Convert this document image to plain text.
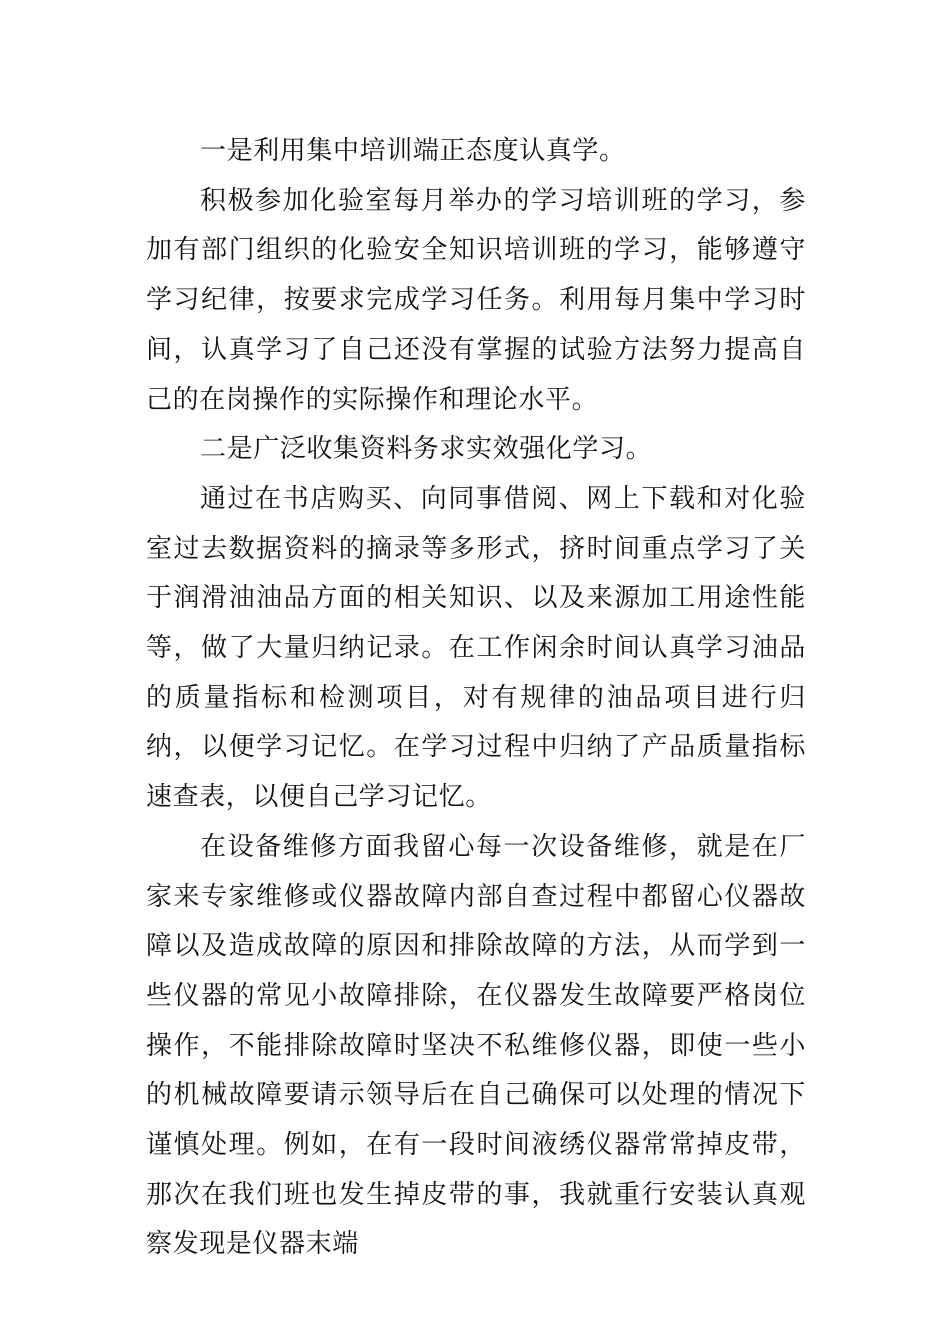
一是利用集中培训端正态度认真学。

积极参加化验室每月举办的学习培训班的学习，参加有部门组织的化验安全知识培训班的学习，能够遵守学习纪律，按要求完成学习任务。利用每月集中学习时间，认真学习了自己还没有掌握的试验方法努力提高自己的在岗操作的实际操作和理论水平。

二是广泛收集资料务求实效强化学习。

通过在书店购买、向同事借阅、网上下载和对化验室过去数据资料的摘录等多形式，挤时间重点学习了关于润滑油油品方面的相关知识、以及来源加工用途性能等，做了大量归纳记录。在工作闲余时间认真学习油品的质量指标和检测项目，对有规律的油品项目进行归纳，以便学习记忆。在学习过程中归纳了产品质量指标速查表，以便自己学习记忆。

在设备维修方面我留心每一次设备维修，就是在厂家来专家维修或仪器故障内部自查过程中都留心仪器故障以及造成故障的原因和排除故障的方法，从而学到一些仪器的常见小故障排除，在仪器发生故障要严格岗位操作，不能排除故障时坚决不私维修仪器，即使一些小的机械故障要请示领导后在自己确保可以处理的情况下谨慎处理。例如，在有一段时间液绣仪器常常掉皮带，那次在我们班也发生掉皮带的事，我就重行安装认真观察发现是仪器末端
